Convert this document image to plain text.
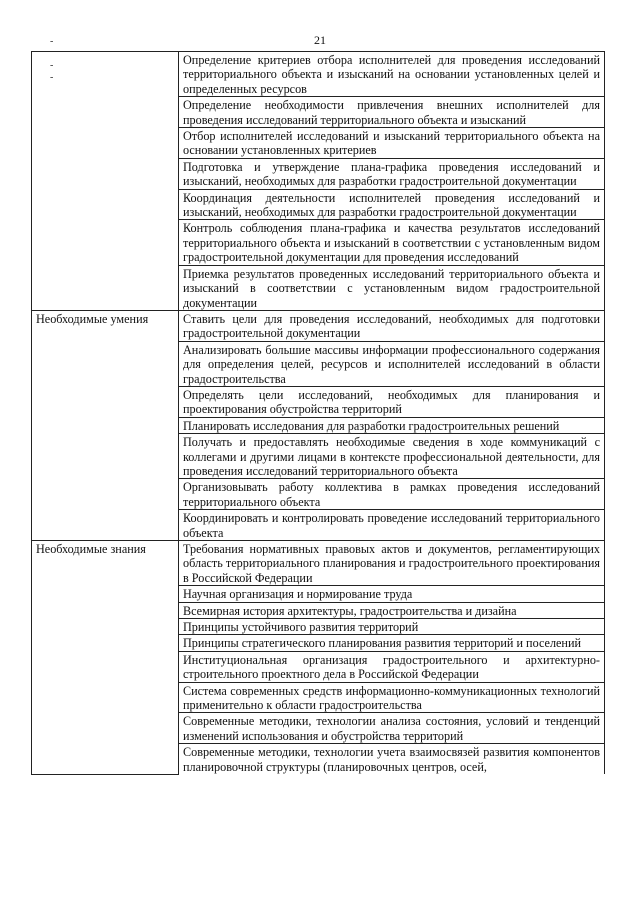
21
-
-
-
	Определение критериев отбора исполнителей для проведения исследований территориального объекта и изысканий на основании установленных целей и определенных ресурсов
	Определение необходимости привлечения внешних исполнителей для проведения исследований территориального объекта и изысканий
	Отбор исполнителей исследований и изысканий территориального объекта на основании установленных критериев
	Подготовка и утверждение плана-графика проведения исследований и изысканий, необходимых для разработки градостроительной документации
	Координация деятельности исполнителей проведения исследований и изысканий, необходимых для разработки градостроительной документации
	Контроль соблюдения плана-графика и качества результатов исследований территориального объекта и изысканий в соответствии с установленным видом градостроительной документации для проведения исследований
	Приемка результатов проведенных исследований территориального объекта и изысканий в соответствии с установленным видом градостроительной документации
Необходимые умения	Ставить цели для проведения исследований, необходимых для подготовки градостроительной документации
	Анализировать большие массивы информации профессионального содержания для определения целей, ресурсов и исполнителей исследований в области градостроительства
	Определять цели исследований, необходимых для планирования и проектирования обустройства территорий
	Планировать исследования для разработки градостроительных решений
	Получать и предоставлять необходимые сведения в ходе коммуникаций с коллегами и другими лицами в контексте профессиональной деятельности, для проведения исследований территориального объекта
	Организовывать работу коллектива в рамках проведения исследований территориального объекта
	Координировать и контролировать проведение исследований территориального объекта
Необходимые знания	Требования нормативных правовых актов и документов, регламентирующих область территориального планирования и градостроительного проектирования в Российской Федерации
	Научная организация и нормирование труда
	Всемирная история архитектуры, градостроительства и дизайна
	Принципы устойчивого развития территорий
	Принципы стратегического планирования развития территорий и поселений
	Институциональная организация градостроительного и архитектурно-строительного проектного дела в Российской Федерации
	Система современных средств информационно-коммуникационных технологий применительно к области градостроительства
	Современные методики, технологии анализа состояния, условий и тенденций изменений использования и обустройства территорий

	Современные методики, технологии учета взаимосвязей развития компонентов планировочной структуры (планировочных центров, осей,
